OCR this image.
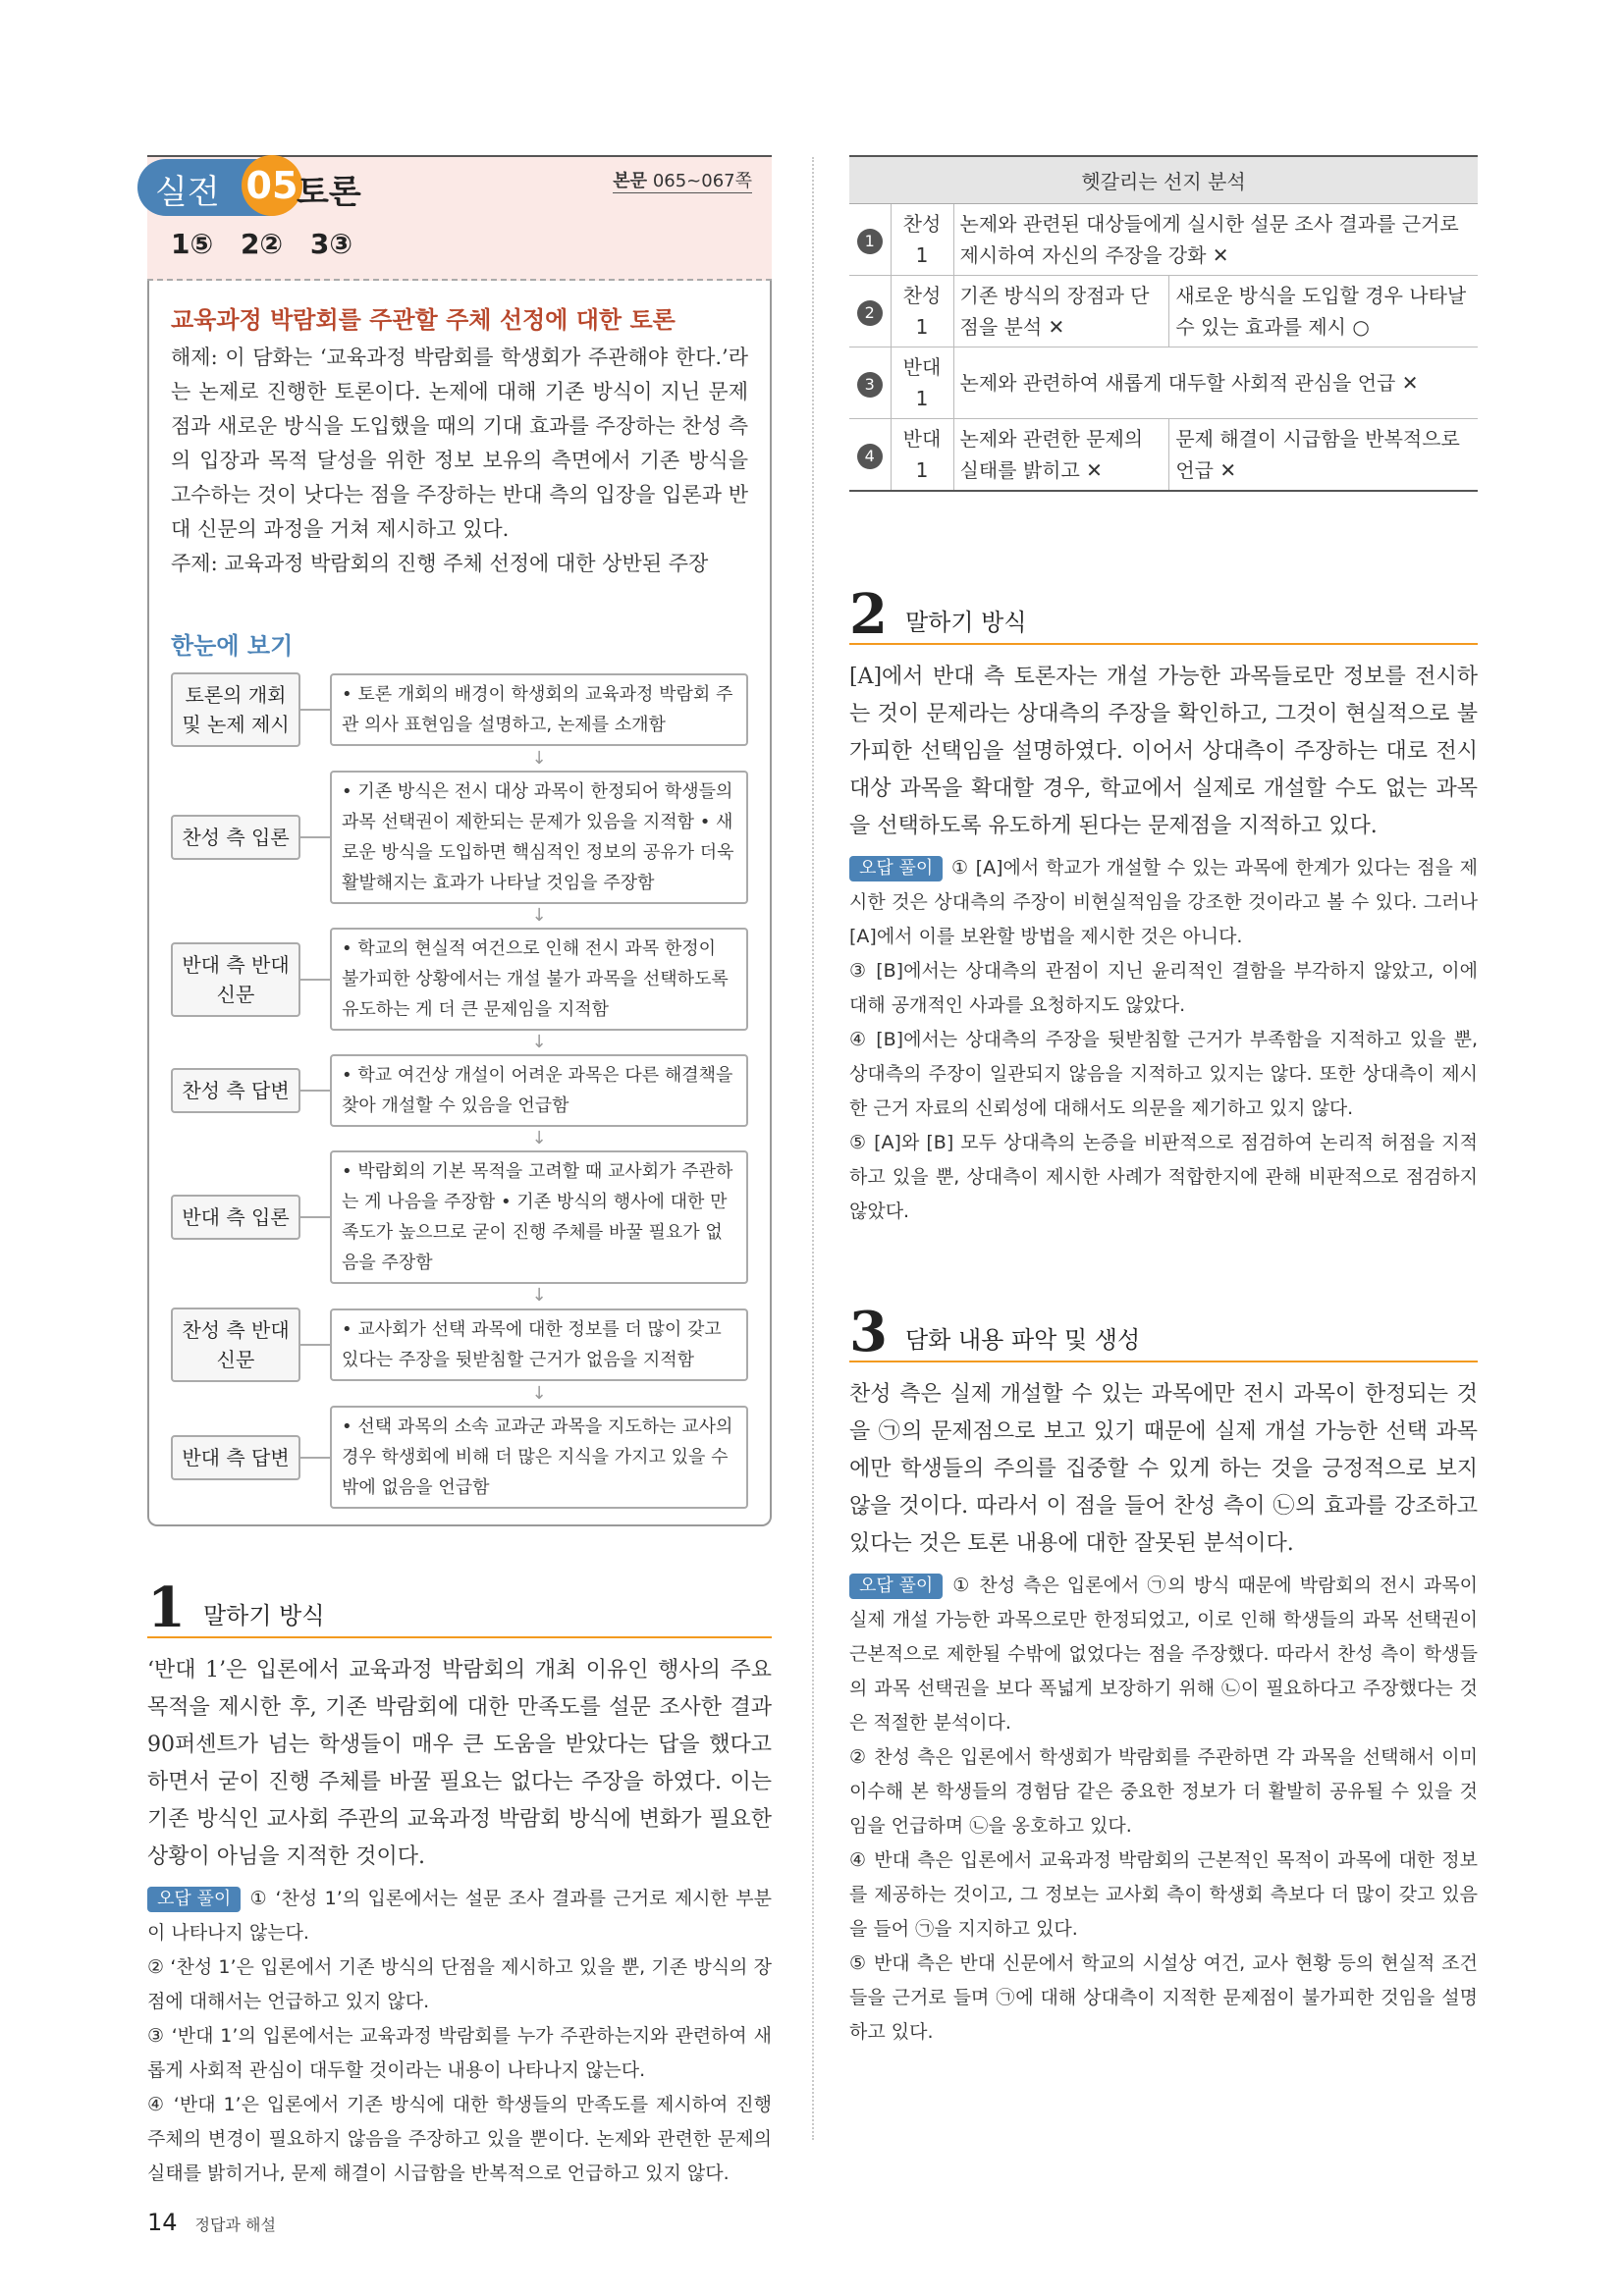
실전 05
토론	본문 065~067쪽
1⑤ 2② 3③
교육과정 박람회를 주관할 주체 선정에 대한 토론
해제: 이 담화는 ‘교육과정 박람회를 학생회가 주관해야 한다.’라는 논제로 진행한 토론이다. 논제에 대해 기존 방식이 지닌 문제점과 새로운 방식을 도입했을 때의 기대 효과를 주장하는 찬성 측의 입장과 목적 달성을 위한 정보 보유의 측면에서 기존 방식을 고수하는 것이 낫다는 점을 주장하는 반대 측의 입장을 입론과 반대 신문의 과정을 거쳐 제시하고 있다.
주제: 교육과정 박람회의 진행 주체 선정에 대한 상반된 주장
한눈에 보기
토론의 개회 및 논제 제시
• 토론 개회의 배경이 학생회의 교육과정 박람회 주관 의사 표현임을 설명하고, 논제를 소개함
↓
찬성 측 입론
• 기존 방식은 전시 대상 과목이 한정되어 학생들의 과목 선택권이 제한되는 문제가 있음을 지적함 • 새로운 방식을 도입하면 핵심적인 정보의 공유가 더욱 활발해지는 효과가 나타날 것임을 주장함
↓
반대 측 반대 신문
• 학교의 현실적 여건으로 인해 전시 과목 한정이 불가피한 상황에서는 개설 불가 과목을 선택하도록 유도하는 게 더 큰 문제임을 지적함
↓
찬성 측 답변
• 학교 여건상 개설이 어려운 과목은 다른 해결책을 찾아 개설할 수 있음을 언급함
↓
반대 측 입론
• 박람회의 기본 목적을 고려할 때 교사회가 주관하는 게 나음을 주장함 • 기존 방식의 행사에 대한 만족도가 높으므로 굳이 진행 주체를 바꿀 필요가 없음을 주장함
↓
찬성 측 반대 신문
• 교사회가 선택 과목에 대한 정보를 더 많이 갖고 있다는 주장을 뒷받침할 근거가 없음을 지적함
↓
반대 측 답변
• 선택 과목의 소속 교과군 과목을 지도하는 교사의 경우 학생회에 비해 더 많은 지식을 가지고 있을 수밖에 없음을 언급함
1 말하기 방식
‘반대 1’은 입론에서 교육과정 박람회의 개최 이유인 행사의 주요 목적을 제시한 후, 기존 박람회에 대한 만족도를 설문 조사한 결과 90퍼센트가 넘는 학생들이 매우 큰 도움을 받았다는 답을 했다고 하면서 굳이 진행 주체를 바꿀 필요는 없다는 주장을 하였다. 이는 기존 방식인 교사회 주관의 교육과정 박람회 방식에 변화가 필요한 상황이 아님을 지적한 것이다.
오답 풀이 ① ‘찬성 1’의 입론에서는 설문 조사 결과를 근거로 제시한 부분이 나타나지 않는다.
② ‘찬성 1’은 입론에서 기존 방식의 단점을 제시하고 있을 뿐, 기존 방식의 장점에 대해서는 언급하고 있지 않다.
③ ‘반대 1’의 입론에서는 교육과정 박람회를 누가 주관하는지와 관련하여 새롭게 사회적 관심이 대두할 것이라는 내용이 나타나지 않는다.
④ ‘반대 1’은 입론에서 기존 방식에 대한 학생들의 만족도를 제시하여 진행 주체의 변경이 필요하지 않음을 주장하고 있을 뿐이다. 논제와 관련한 문제의 실태를 밝히거나, 문제 해결이 시급함을 반복적으로 언급하고 있지 않다.
헷갈리는 선지 분석			
1	찬성 1	논제와 관련된 대상들에게 실시한 설문 조사 결과를 근거로 제시하여 자신의 주장을 강화 ✕	
2	찬성 1	기존 방식의 장점과 단점을 분석 ✕	새로운 방식을 도입할 경우 나타날 수 있는 효과를 제시 ○
3	반대 1	논제와 관련하여 새롭게 대두할 사회적 관심을 언급 ✕	
4	반대 1	논제와 관련한 문제의 실태를 밝히고 ✕	문제 해결이 시급함을 반복적으로 언급 ✕
2 말하기 방식
[A]에서 반대 측 토론자는 개설 가능한 과목들로만 정보를 전시하는 것이 문제라는 상대측의 주장을 확인하고, 그것이 현실적으로 불가피한 선택임을 설명하였다. 이어서 상대측이 주장하는 대로 전시 대상 과목을 확대할 경우, 학교에서 실제로 개설할 수도 없는 과목을 선택하도록 유도하게 된다는 문제점을 지적하고 있다.
오답 풀이 ① [A]에서 학교가 개설할 수 있는 과목에 한계가 있다는 점을 제시한 것은 상대측의 주장이 비현실적임을 강조한 것이라고 볼 수 있다. 그러나 [A]에서 이를 보완할 방법을 제시한 것은 아니다.
③ [B]에서는 상대측의 관점이 지닌 윤리적인 결함을 부각하지 않았고, 이에 대해 공개적인 사과를 요청하지도 않았다.
④ [B]에서는 상대측의 주장을 뒷받침할 근거가 부족함을 지적하고 있을 뿐, 상대측의 주장이 일관되지 않음을 지적하고 있지는 않다. 또한 상대측이 제시한 근거 자료의 신뢰성에 대해서도 의문을 제기하고 있지 않다.
⑤ [A]와 [B] 모두 상대측의 논증을 비판적으로 점검하여 논리적 허점을 지적하고 있을 뿐, 상대측이 제시한 사례가 적합한지에 관해 비판적으로 점검하지 않았다.
3 담화 내용 파악 및 생성
찬성 측은 실제 개설할 수 있는 과목에만 전시 과목이 한정되는 것을 ㉠의 문제점으로 보고 있기 때문에 실제 개설 가능한 선택 과목에만 학생들의 주의를 집중할 수 있게 하는 것을 긍정적으로 보지 않을 것이다. 따라서 이 점을 들어 찬성 측이 ㉡의 효과를 강조하고 있다는 것은 토론 내용에 대한 잘못된 분석이다.
오답 풀이 ① 찬성 측은 입론에서 ㉠의 방식 때문에 박람회의 전시 과목이 실제 개설 가능한 과목으로만 한정되었고, 이로 인해 학생들의 과목 선택권이 근본적으로 제한될 수밖에 없었다는 점을 주장했다. 따라서 찬성 측이 학생들의 과목 선택권을 보다 폭넓게 보장하기 위해 ㉡이 필요하다고 주장했다는 것은 적절한 분석이다.
② 찬성 측은 입론에서 학생회가 박람회를 주관하면 각 과목을 선택해서 이미 이수해 본 학생들의 경험담 같은 중요한 정보가 더 활발히 공유될 수 있을 것임을 언급하며 ㉡을 옹호하고 있다.
④ 반대 측은 입론에서 교육과정 박람회의 근본적인 목적이 과목에 대한 정보를 제공하는 것이고, 그 정보는 교사회 측이 학생회 측보다 더 많이 갖고 있음을 들어 ㉠을 지지하고 있다.
⑤ 반대 측은 반대 신문에서 학교의 시설상 여건, 교사 현황 등의 현실적 조건들을 근거로 들며 ㉠에 대해 상대측이 지적한 문제점이 불가피한 것임을 설명하고 있다.
14 정답과 해설
